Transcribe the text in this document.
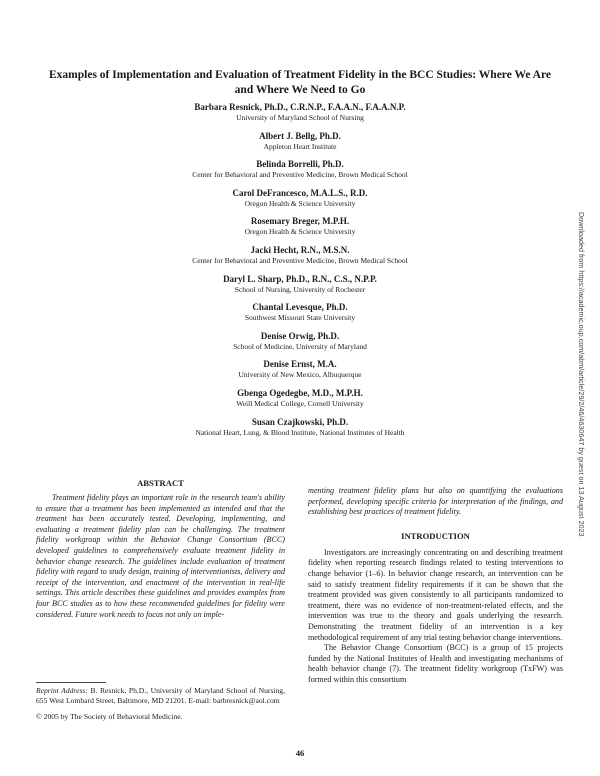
Examples of Implementation and Evaluation of Treatment Fidelity in the BCC Studies: Where We Are and Where We Need to Go
Barbara Resnick, Ph.D., C.R.N.P., F.A.A.N., F.A.A.N.P.
University of Maryland School of Nursing
Albert J. Bellg, Ph.D.
Appleton Heart Institute
Belinda Borrelli, Ph.D.
Center for Behavioral and Preventive Medicine, Brown Medical School
Carol DeFrancesco, M.A.L.S., R.D.
Oregon Health & Science University
Rosemary Breger, M.P.H.
Oregon Health & Science University
Jacki Hecht, R.N., M.S.N.
Center for Behavioral and Preventive Medicine, Brown Medical School
Daryl L. Sharp, Ph.D., R.N., C.S., N.P.P.
School of Nursing, University of Rochester
Chantal Levesque, Ph.D.
Southwest Missouri State University
Denise Orwig, Ph.D.
School of Medicine, University of Maryland
Denise Ernst, M.A.
University of New Mexico, Albuquerque
Gbenga Ogedegbe, M.D., M.P.H.
Weill Medical College, Cornell University
Susan Czajkowski, Ph.D.
National Heart, Lung, & Blood Institute, National Institutes of Health	Downloaded from https://academic.oup.com/abm/article/29/2/46/4630647 by guest on 13 August 2023
ABSTRACT

Treatment fidelity plays an important role in the research team's ability to ensure that a treatment has been implemented as intended and that the treatment has been accurately tested. Developing, implementing, and evaluating a treatment fidelity plan can be challenging. The treatment fidelity workgroup within the Behavior Change Consortium (BCC) developed guidelines to comprehensively evaluate treatment fidelity in behavior change research. The guidelines include evaluation of treatment fidelity with regard to study design, training of interventionists, delivery and receipt of the intervention, and enactment of the intervention in real-life settings. This article describes these guidelines and provides examples from four BCC studies as to how these recommended guidelines for fidelity were considered. Future work needs to focus not only on imple-

Reprint Address: B. Resnick, Ph.D., University of Maryland School of Nursing, 655 West Lombard Street, Baltimore, MD 21201. E-mail: barbresnick@aol.com

© 2005 by The Society of Behavioral Medicine.

menting treatment fidelity plans but also on quantifying the evaluations performed, developing specific criteria for interpretation of the findings, and establishing best practices of treatment fidelity.

INTRODUCTION

Investigators are increasingly concentrating on and describing treatment fidelity when reporting research findings related to testing interventions to change behavior (1–6). In behavior change research, an intervention can be said to satisfy treatment fidelity requirements if it can be shown that the treatment provided was given consistently to all participants randomized to treatment, there was no evidence of non-treatment-related effects, and the intervention was true to the theory and goals underlying the research. Demonstrating the treatment fidelity of an intervention is a key methodological requirement of any trial testing behavior change interventions.

The Behavior Change Consortium (BCC) is a group of 15 projects funded by the National Institutes of Health and investigating mechanisms of health behavior change (7). The treatment fidelity workgroup (TxFW) was formed within this consortium

46
